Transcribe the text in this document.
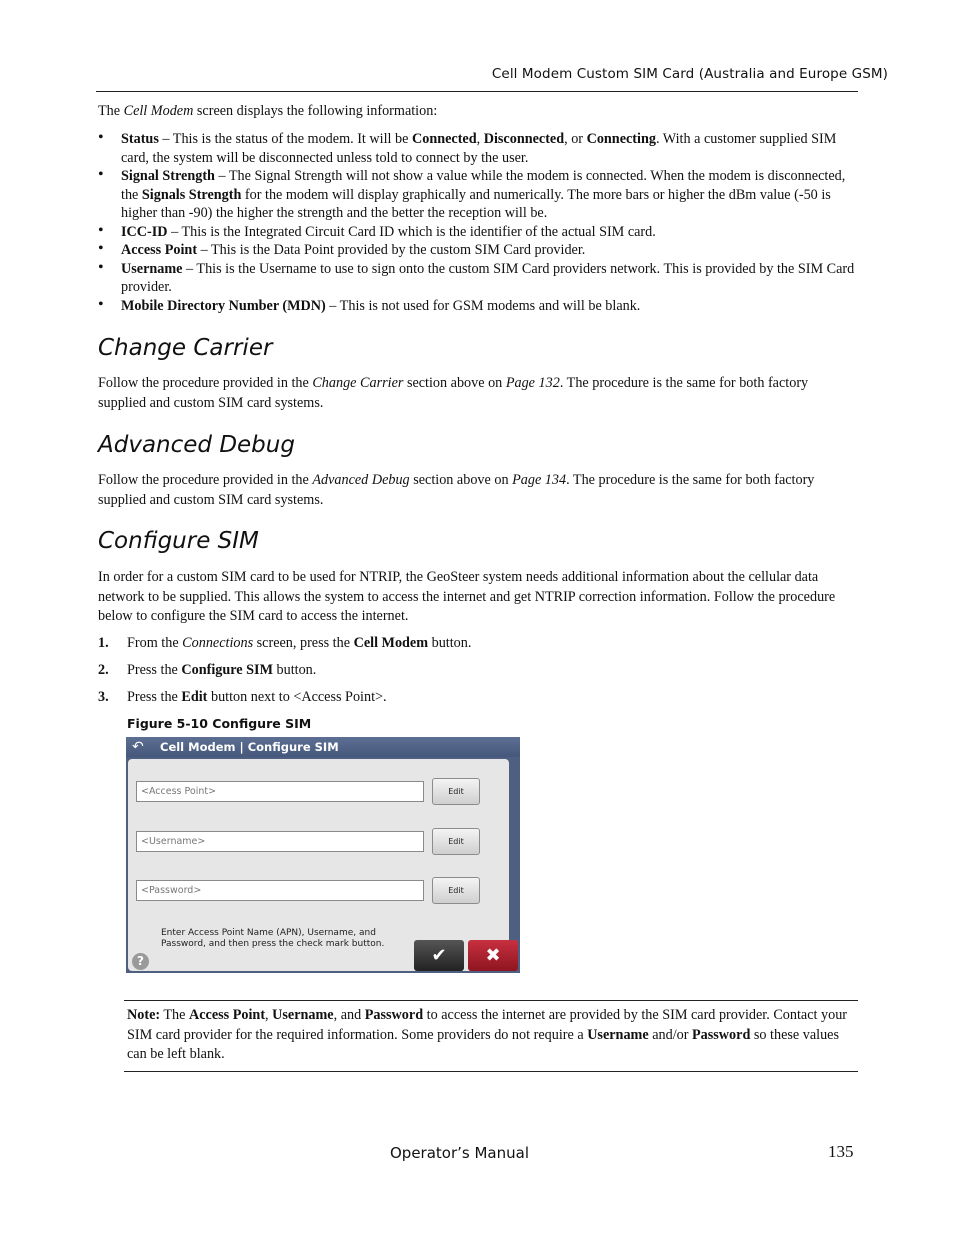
Cell Modem Custom SIM Card (Australia and Europe GSM)
The Cell Modem screen displays the following information:
• Status – This is the status of the modem. It will be Connected, Disconnected, or Connecting. With a customer supplied SIM card, the system will be disconnected unless told to connect by the user.
• Signal Strength – The Signal Strength will not show a value while the modem is connected. When the modem is disconnected, the Signals Strength for the modem will display graphically and numerically. The more bars or higher the dBm value (-50 is higher than -90) the higher the strength and the better the reception will be.
• ICC-ID – This is the Integrated Circuit Card ID which is the identifier of the actual SIM card.
• Access Point – This is the Data Point provided by the custom SIM Card provider.
• Username – This is the Username to use to sign onto the custom SIM Card providers network. This is provided by the SIM Card provider.
• Mobile Directory Number (MDN) – This is not used for GSM modems and will be blank.
Change Carrier
Follow the procedure provided in the Change Carrier section above on Page 132. The procedure is the same for both factory supplied and custom SIM card systems.
Advanced Debug
Follow the procedure provided in the Advanced Debug section above on Page 134. The procedure is the same for both factory supplied and custom SIM card systems.
Configure SIM
In order for a custom SIM card to be used for NTRIP, the GeoSteer system needs additional information about the cellular data network to be supplied. This allows the system to access the internet and get NTRIP correction information. Follow the procedure below to configure the SIM card to access the internet.
1. From the Connections screen, press the Cell Modem button.
2. Press the Configure SIM button.
3. Press the Edit button next to <Access Point>.
Figure 5-10 Configure SIM
↶ Cell Modem | Configure SIM
<Access Point>	Edit
<Username>	Edit
<Password>	Edit
Enter Access Point Name (APN), Username, and Password, and then press the check mark button.
?	✔	✖
Note: The Access Point, Username, and Password to access the internet are provided by the SIM card provider. Contact your SIM card provider for the required information. Some providers do not require a Username and/or Password so these values can be left blank.
Operator’s Manual	135
